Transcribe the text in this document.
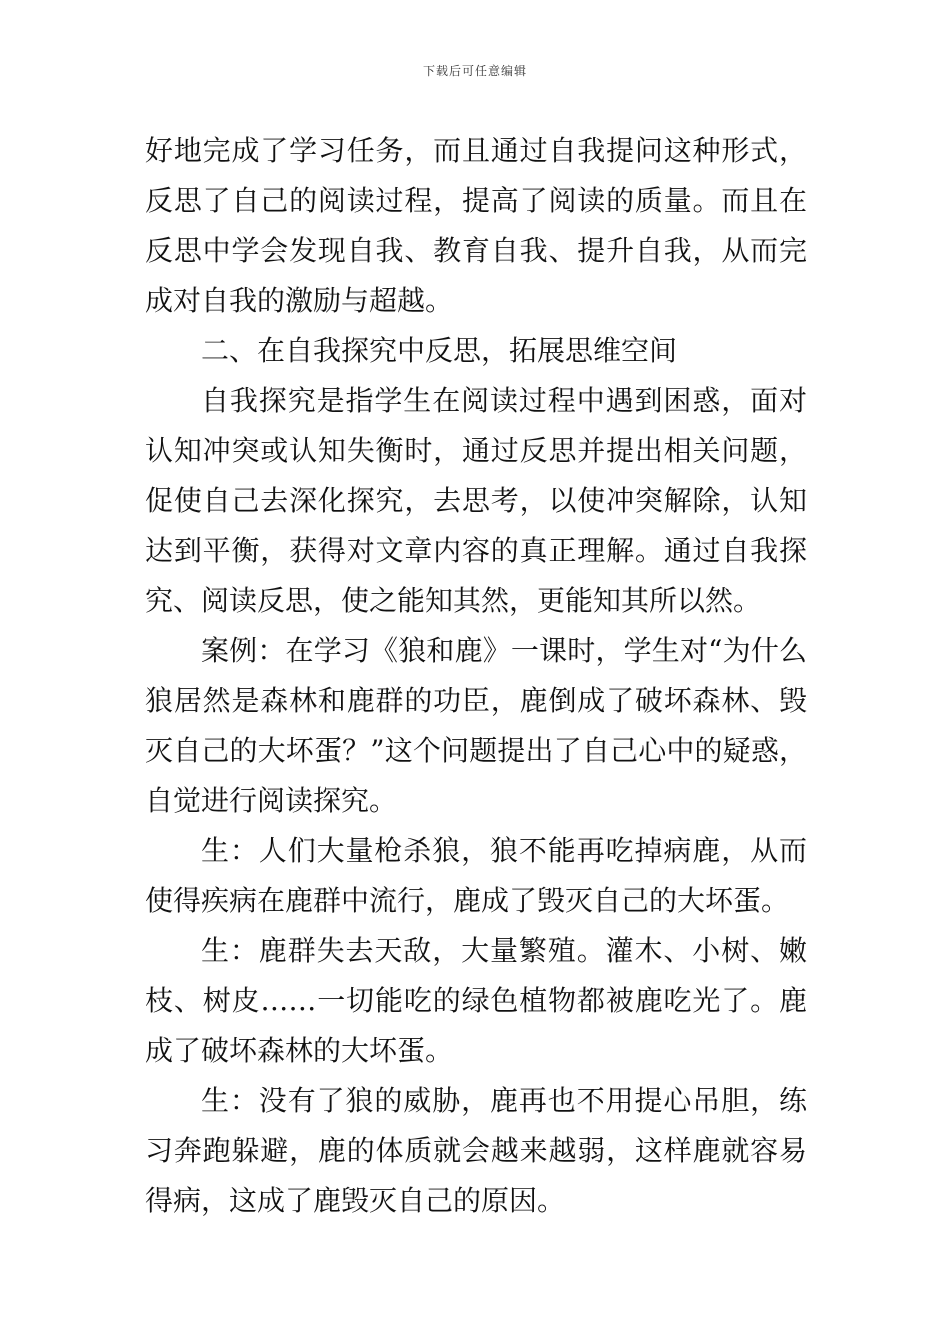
下载后可任意编辑

好地完成了学习任务，而且通过自我提问这种形式，反思了自己的阅读过程，提高了阅读的质量。而且在反思中学会发现自我、教育自我、提升自我，从而完成对自我的激励与超越。

二、在自我探究中反思，拓展思维空间

自我探究是指学生在阅读过程中遇到困惑，面对认知冲突或认知失衡时，通过反思并提出相关问题，促使自己去深化探究，去思考，以使冲突解除，认知达到平衡，获得对文章内容的真正理解。通过自我探究、阅读反思，使之能知其然，更能知其所以然。

案例：在学习《狼和鹿》一课时，学生对“为什么狼居然是森林和鹿群的功臣，鹿倒成了破坏森林、毁灭自己的大坏蛋？”这个问题提出了自己心中的疑惑，自觉进行阅读探究。

生：人们大量枪杀狼，狼不能再吃掉病鹿，从而使得疾病在鹿群中流行，鹿成了毁灭自己的大坏蛋。

生：鹿群失去天敌，大量繁殖。灌木、小树、嫩枝、树皮……一切能吃的绿色植物都被鹿吃光了。鹿成了破坏森林的大坏蛋。

生：没有了狼的威胁，鹿再也不用提心吊胆，练习奔跑躲避，鹿的体质就会越来越弱，这样鹿就容易得病，这成了鹿毁灭自己的原因。
